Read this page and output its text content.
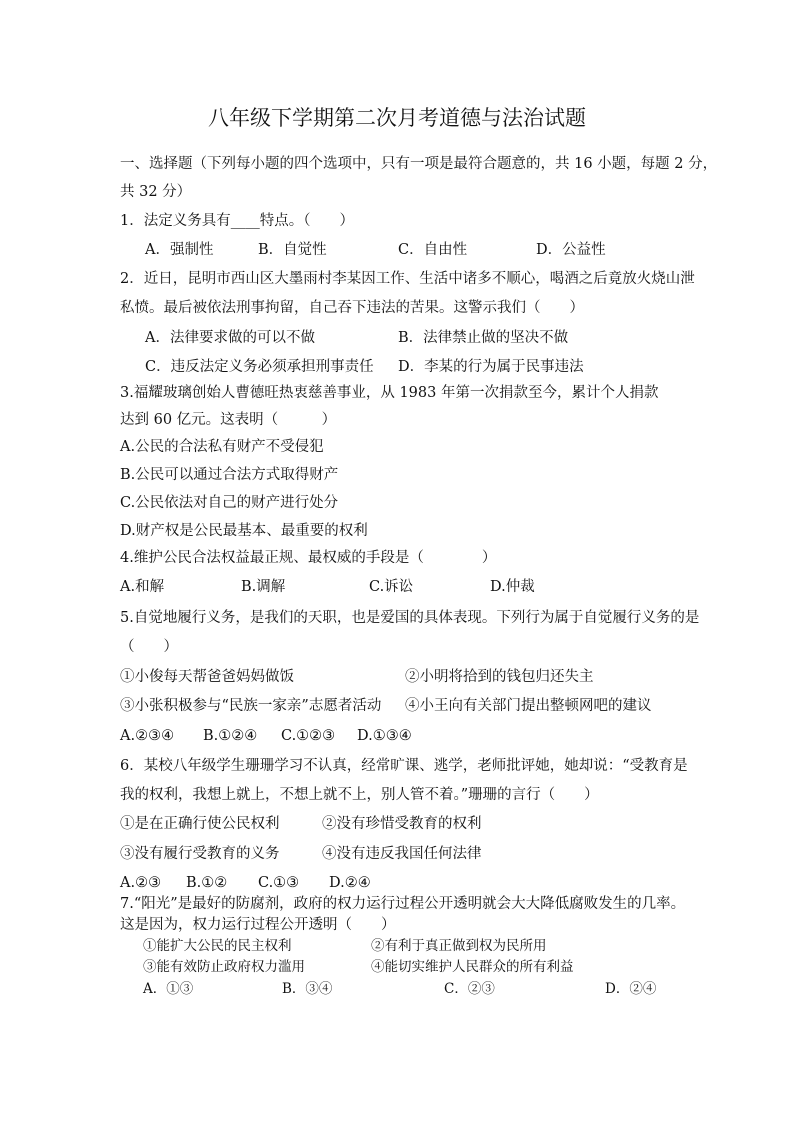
八年级下学期第二次月考道德与法治试题
一、选择题（下列每小题的四个选项中，只有一项是最符合题意的，共 16 小题，每题 2 分，
共 32 分）
1．法定义务具有____特点。（　　）
A．强制性	B．自觉性	C．自由性	D．公益性
2．近日，昆明市西山区大墨雨村李某因工作、生活中诸多不顺心，喝酒之后竟放火烧山泄
私愤。最后被依法刑事拘留，自己吞下违法的苦果。这警示我们（　　）
A．法律要求做的可以不做	B．法律禁止做的坚决不做
C．违反法定义务必须承担刑事责任 D．李某的行为属于民事违法
3.福耀玻璃创始人曹德旺热衷慈善事业，从 1983 年第一次捐款至今，累计个人捐款
达到 60 亿元。这表明（　　　）
A.公民的合法私有财产不受侵犯
B.公民可以通过合法方式取得财产
C.公民依法对自己的财产进行处分
D.财产权是公民最基本、最重要的权利
4.维护公民合法权益最正规、最权威的手段是（　　　　）
A.和解	B.调解	C.诉讼	D.仲裁
5.自觉地履行义务，是我们的天职，也是爱国的具体表现。下列行为属于自觉履行义务的是
（　　）
①小俊每天帮爸爸妈妈做饭	②小明将拾到的钱包归还失主
③小张积极参与“民族一家亲”志愿者活动 ④小王向有关部门提出整顿网吧的建议
A.②③④ B.①②④ C.①②③ D.①③④
6．某校八年级学生珊珊学习不认真，经常旷课、逃学，老师批评她，她却说：“受教育是
我的权利，我想上就上，不想上就不上，别人管不着。”珊珊的言行（　　）
①是在正确行使公民权利	②没有珍惜受教育的权利
③没有履行受教育的义务	④没有违反我国任何法律
A.②③ B.①② C.①③ D.②④
7.“阳光”是最好的防腐剂，政府的权力运行过程公开透明就会大大降低腐败发生的几率。
这是因为，权力运行过程公开透明（　　）
①能扩大公民的民主权利	②有利于真正做到权为民所用
③能有效防止政府权力滥用	④能切实维护人民群众的所有利益
A．①③	B．③④	C．②③	D．②④
